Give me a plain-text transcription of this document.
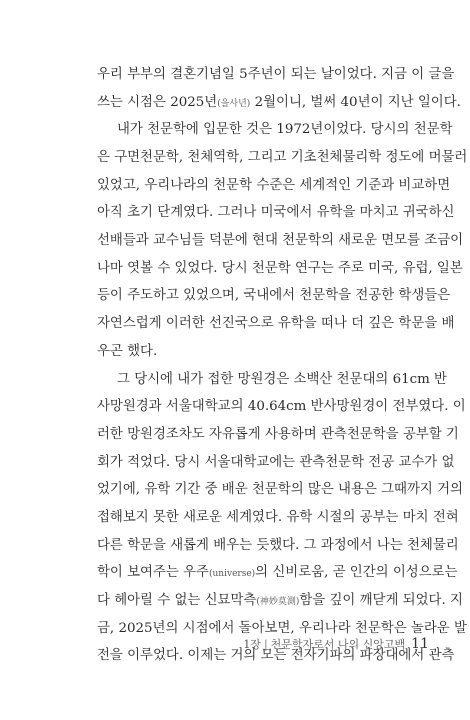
우리 부부의 결혼기념일 5주년이 되는 날이었다. 지금 이 글을
쓰는 시점은 2025년(을사년) 2월이니, 벌써 40년이 지난 일이다.
내가 천문학에 입문한 것은 1972년이었다. 당시의 천문학
은 구면천문학, 천체역학, 그리고 기초천체물리학 정도에 머물러
있었고, 우리나라의 천문학 수준은 세계적인 기준과 비교하면
아직 초기 단계였다. 그러나 미국에서 유학을 마치고 귀국하신
선배들과 교수님들 덕분에 현대 천문학의 새로운 면모를 조금이
나마 엿볼 수 있었다. 당시 천문학 연구는 주로 미국, 유럽, 일본
등이 주도하고 있었으며, 국내에서 천문학을 전공한 학생들은
자연스럽게 이러한 선진국으로 유학을 떠나 더 깊은 학문을 배
우곤 했다.
그 당시에 내가 접한 망원경은 소백산 천문대의 61cm 반
사망원경과 서울대학교의 40.64cm 반사망원경이 전부였다. 이
러한 망원경조차도 자유롭게 사용하며 관측천문학을 공부할 기
회가 적었다. 당시 서울대학교에는 관측천문학 전공 교수가 없
었기에, 유학 기간 중 배운 천문학의 많은 내용은 그때까지 거의
접해보지 못한 새로운 세계였다. 유학 시절의 공부는 마치 전혀
다른 학문을 새롭게 배우는 듯했다. 그 과정에서 나는 천체물리
학이 보여주는 우주(universe)의 신비로움, 곧 인간의 이성으로는
다 헤아릴 수 없는 신묘막측(神妙莫測)함을 깊이 깨닫게 되었다. 지
금, 2025년의 시점에서 돌아보면, 우리나라 천문학은 놀라운 발
전을 이루었다. 이제는 거의 모든 전자기파의 파장대에서 관측
1장 | 천문학자로서 나의 신앙고백 11
